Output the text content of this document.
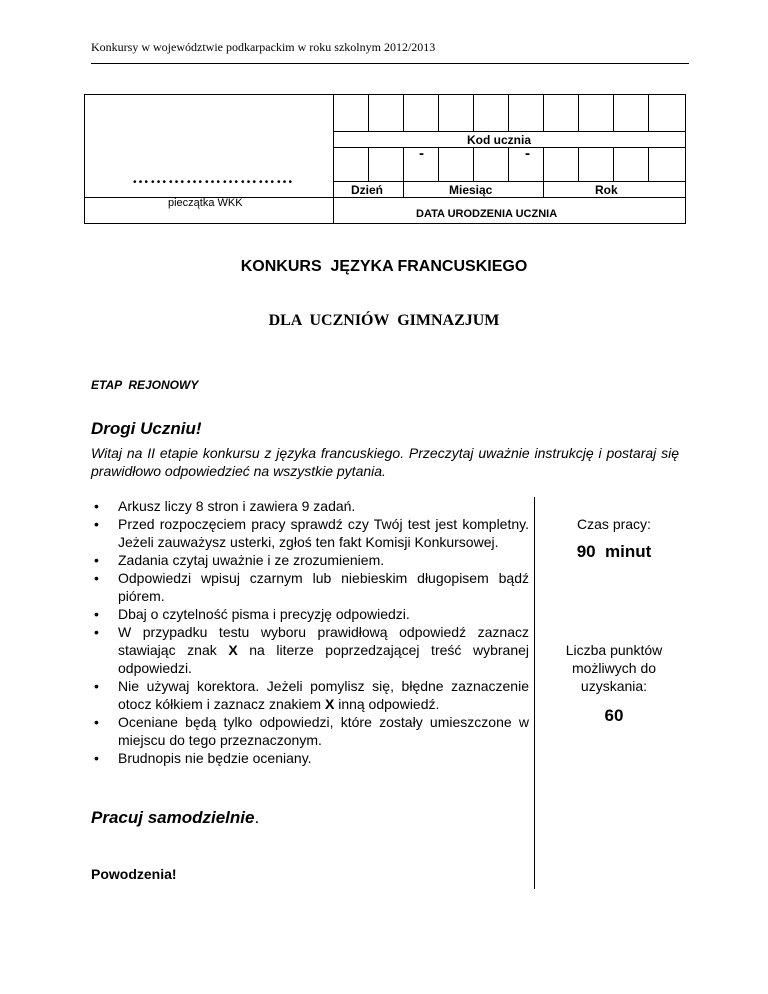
Konkursy w województwie podkarpackim w roku szkolnym 2012/2013
Kod ucznia
-	-
Dzień	Miesiąc	Rok
DATA URODZENIA UCZNIA
………………………
pieczątka WKK
KONKURS  JĘZYKA FRANCUSKIEGO
DLA  UCZNIÓW  GIMNAZJUM
ETAP  REJONOWY
Drogi Uczniu!
Witaj na II etapie konkursu z języka francuskiego. Przeczytaj uważnie instrukcję i postaraj się prawidłowo odpowiedzieć na wszystkie pytania.
• Arkusz liczy 8 stron i zawiera 9 zadań.
• Przed rozpoczęciem pracy sprawdź czy Twój test jest kompletny. Jeżeli zauważysz usterki, zgłoś ten fakt Komisji Konkursowej.
• Zadania czytaj uważnie i ze zrozumieniem.
• Odpowiedzi wpisuj czarnym lub niebieskim długopisem bądź piórem.
• Dbaj o czytelność pisma i precyzję odpowiedzi.
• W przypadku testu wyboru prawidłową odpowiedź zaznacz stawiając znak X na literze poprzedzającej treść wybranej odpowiedzi.
• Nie używaj korektora. Jeżeli pomylisz się, błędne zaznaczenie otocz kółkiem i zaznacz znakiem X inną odpowiedź.
• Oceniane będą tylko odpowiedzi, które zostały umieszczone w miejscu do tego przeznaczonym.
• Brudnopis nie będzie oceniany.
Czas pracy:
90  minut
Liczba punktów możliwych do uzyskania:
60
Pracuj samodzielnie.
Powodzenia!
